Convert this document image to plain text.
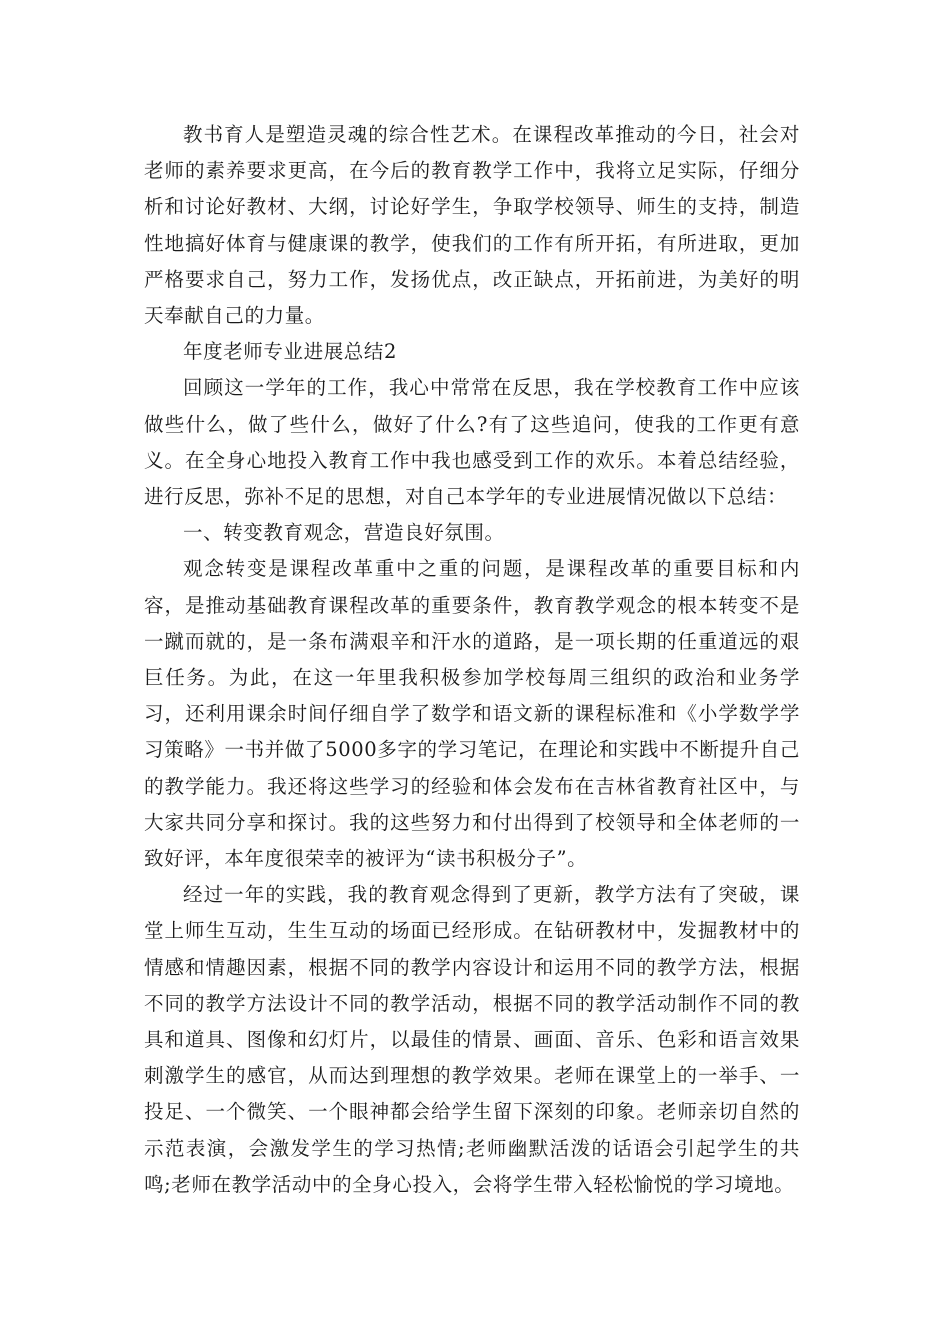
教书育人是塑造灵魂的综合性艺术。在课程改革推动的今日，社会对老师的素养要求更高，在今后的教育教学工作中，我将立足实际，仔细分析和讨论好教材、大纲，讨论好学生，争取学校领导、师生的支持，制造性地搞好体育与健康课的教学，使我们的工作有所开拓，有所进取，更加严格要求自己，努力工作，发扬优点，改正缺点，开拓前进，为美好的明天奉献自己的力量。

年度老师专业进展总结2

回顾这一学年的工作，我心中常常在反思，我在学校教育工作中应该做些什么，做了些什么，做好了什么?有了这些追问，使我的工作更有意义。在全身心地投入教育工作中我也感受到工作的欢乐。本着总结经验，进行反思，弥补不足的思想，对自己本学年的专业进展情况做以下总结：

一、转变教育观念，营造良好氛围。

观念转变是课程改革重中之重的问题，是课程改革的重要目标和内容，是推动基础教育课程改革的重要条件，教育教学观念的根本转变不是一蹴而就的，是一条布满艰辛和汗水的道路，是一项长期的任重道远的艰巨任务。为此，在这一年里我积极参加学校每周三组织的政治和业务学习，还利用课余时间仔细自学了数学和语文新的课程标准和《小学数学学习策略》一书并做了5000多字的学习笔记，在理论和实践中不断提升自己的教学能力。我还将这些学习的经验和体会发布在吉林省教育社区中，与大家共同分享和探讨。我的这些努力和付出得到了校领导和全体老师的一致好评，本年度很荣幸的被评为“读书积极分子”。

经过一年的实践，我的教育观念得到了更新，教学方法有了突破，课堂上师生互动，生生互动的场面已经形成。在钻研教材中，发掘教材中的情感和情趣因素，根据不同的教学内容设计和运用不同的教学方法，根据不同的教学方法设计不同的教学活动，根据不同的教学活动制作不同的教具和道具、图像和幻灯片，以最佳的情景、画面、音乐、色彩和语言效果刺激学生的感官，从而达到理想的教学效果。老师在课堂上的一举手、一投足、一个微笑、一个眼神都会给学生留下深刻的印象。老师亲切自然的示范表演，会激发学生的学习热情;老师幽默活泼的话语会引起学生的共鸣;老师在教学活动中的全身心投入，会将学生带入轻松愉悦的学习境地。
